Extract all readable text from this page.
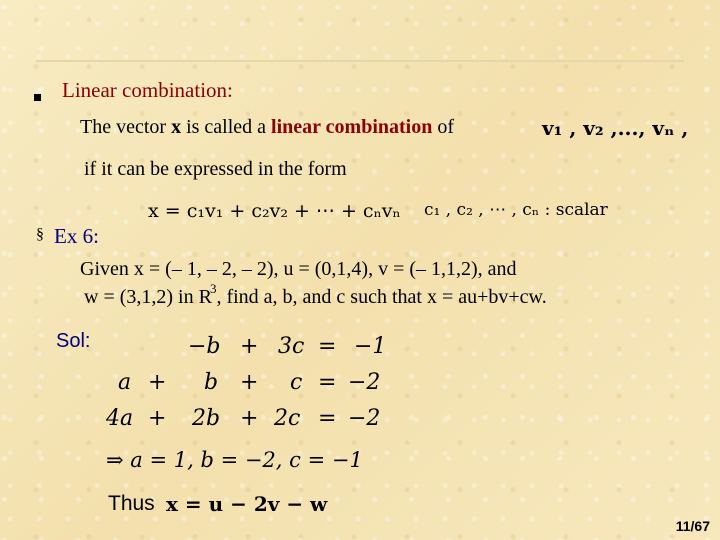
Linear combination:
The vector x is called a linear combination of	v₁ , v₂ ,..., vₙ ,
if it can be expressed in the form
x = c₁v₁ + c₂v₂ + ⋯ + cₙvₙ c₁ , c₂ , ⋯ , cₙ : scalar
§ Ex 6:
Given x = (– 1, – 2, – 2), u = (0,1,4), v = (– 1,1,2), and
w = (3,1,2) in $R^3$, find a, b, and c such that x = au+bv+cw.
Sol:	−b + 3c = −1
a + b + c = −2
4a + 2b + 2c = −2
⇒ a = 1, b = −2, c = −1
Thus x = u − 2v − w
11/67
